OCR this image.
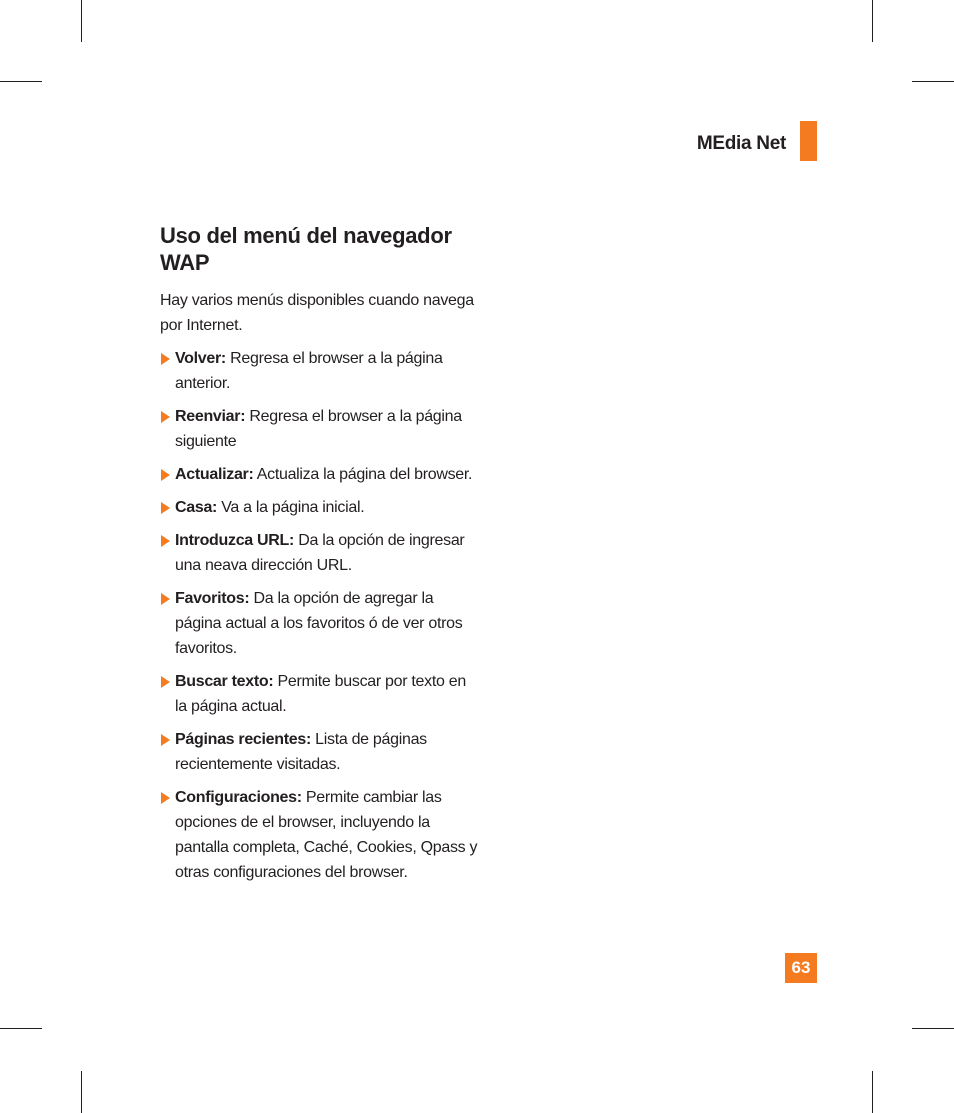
MEdia Net
Uso del menú del navegador WAP

Hay varios menús disponibles cuando navega por Internet.

Volver: Regresa el browser a la página anterior.
Reenviar: Regresa el browser a la página siguiente
Actualizar: Actualiza la página del browser.
Casa: Va a la página inicial.
Introduzca URL: Da la opción de ingresar una neava dirección URL.
Favoritos: Da la opción de agregar la página actual a los favoritos ó de ver otros favoritos.
Buscar texto: Permite buscar por texto en la página actual.
Páginas recientes: Lista de páginas recientemente visitadas.
Configuraciones: Permite cambiar las opciones de el browser, incluyendo la pantalla completa, Caché, Cookies, Qpass y otras configuraciones del browser.
63
